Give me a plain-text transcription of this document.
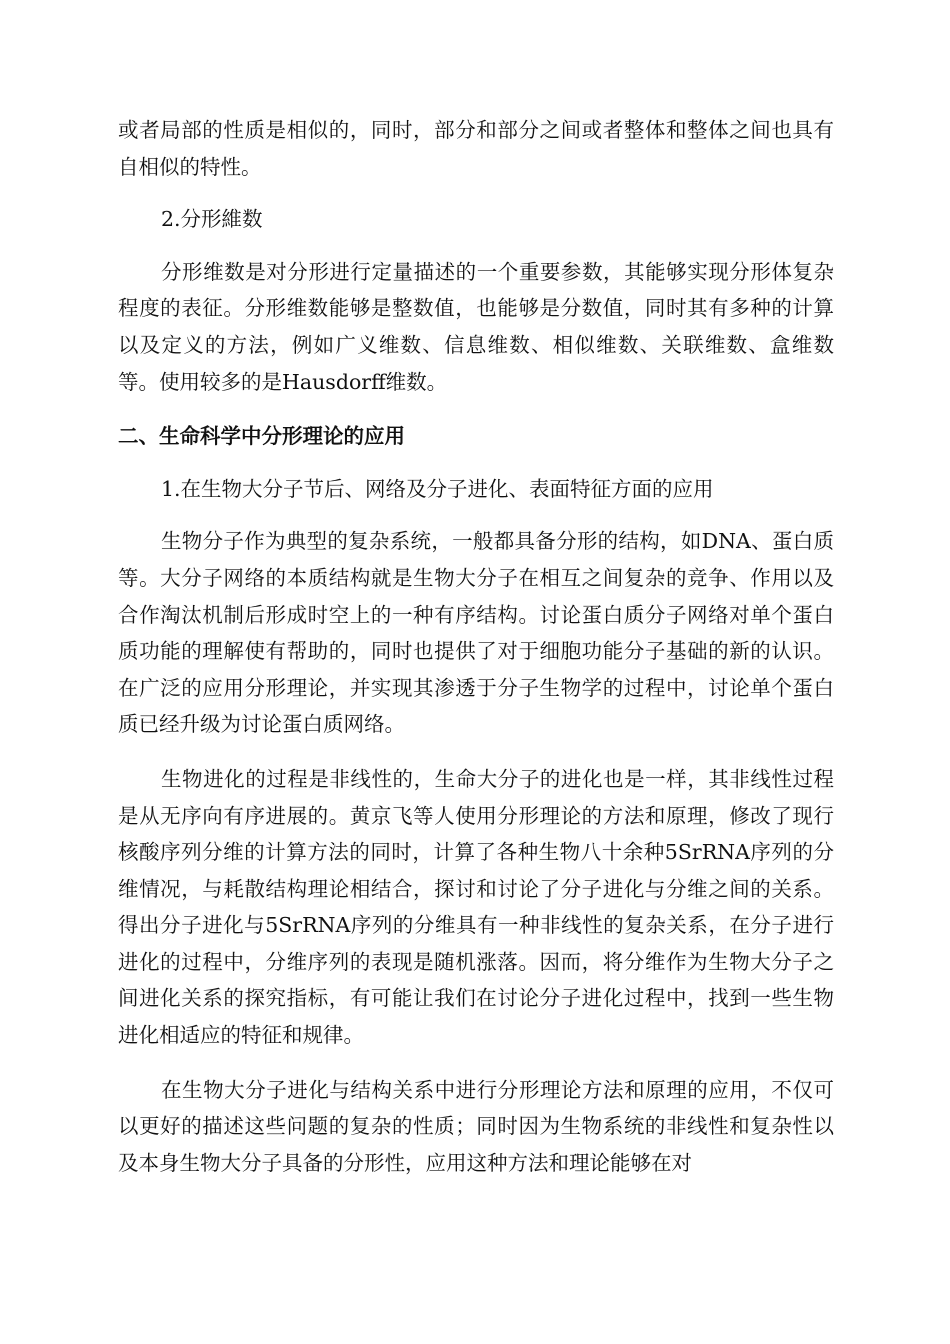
或者局部的性质是相似的，同时，部分和部分之间或者整体和整体之间也具有自相似的特性。

2.分形維数

分形维数是对分形进行定量描述的一个重要参数，其能够实现分形体复杂程度的表征。分形维数能够是整数值，也能够是分数值，同时其有多种的计算以及定义的方法，例如广义维数、信息维数、相似维数、关联维数、盒维数等。使用较多的是Hausdorff维数。

二、生命科学中分形理论的应用

1.在生物大分子节后、网络及分子进化、表面特征方面的应用

生物分子作为典型的复杂系统，一般都具备分形的结构，如DNA、蛋白质等。大分子网络的本质结构就是生物大分子在相互之间复杂的竞争、作用以及合作淘汰机制后形成时空上的一种有序结构。讨论蛋白质分子网络对单个蛋白质功能的理解使有帮助的，同时也提供了对于细胞功能分子基础的新的认识。在广泛的应用分形理论，并实现其渗透于分子生物学的过程中，讨论单个蛋白质已经升级为讨论蛋白质网络。

生物进化的过程是非线性的，生命大分子的进化也是一样，其非线性过程是从无序向有序进展的。黄京飞等人使用分形理论的方法和原理，修改了现行核酸序列分维的计算方法的同时，计算了各种生物八十余种5SrRNA序列的分维情况，与耗散结构理论相结合，探讨和讨论了分子进化与分维之间的关系。得出分子进化与5SrRNA序列的分维具有一种非线性的复杂关系，在分子进行进化的过程中，分维序列的表现是随机涨落。因而，将分维作为生物大分子之间进化关系的探究指标，有可能让我们在讨论分子进化过程中，找到一些生物进化相适应的特征和规律。

在生物大分子进化与结构关系中进行分形理论方法和原理的应用，不仅可以更好的描述这些问题的复杂的性质；同时因为生物系统的非线性和复杂性以及本身生物大分子具备的分形性，应用这种方法和理论能够在对
